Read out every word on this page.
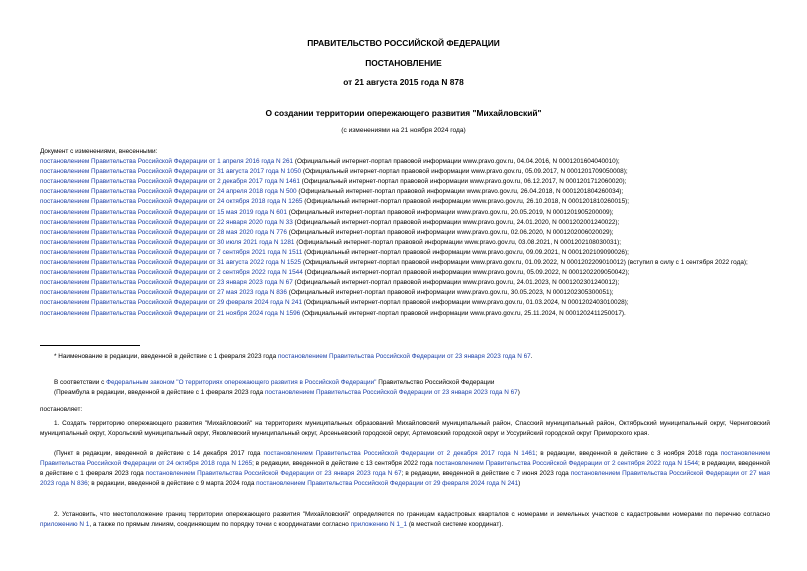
ПРАВИТЕЛЬСТВО РОССИЙСКОЙ ФЕДЕРАЦИИ
ПОСТАНОВЛЕНИЕ
от 21 августа 2015 года N 878
О создании территории опережающего развития "Михайловский"
(с изменениями на 21 ноября 2024 года)
Документ с изменениями, внесенными:
постановлением Правительства Российской Федерации от 1 апреля 2016 года N 261 (Официальный интернет-портал правовой информации www.pravo.gov.ru, 04.04.2016, N 0001201604040010);
постановлением Правительства Российской Федерации от 31 августа 2017 года N 1050 (Официальный интернет-портал правовой информации www.pravo.gov.ru, 05.09.2017, N 0001201709050008);
постановлением Правительства Российской Федерации от 2 декабря 2017 года N 1461 (Официальный интернет-портал правовой информации www.pravo.gov.ru, 06.12.2017, N 0001201712060020);
постановлением Правительства Российской Федерации от 24 апреля 2018 года N 500 (Официальный интернет-портал правовой информации www.pravo.gov.ru, 26.04.2018, N 0001201804260034);
постановлением Правительства Российской Федерации от 24 октября 2018 года N 1265 (Официальный интернет-портал правовой информации www.pravo.gov.ru, 26.10.2018, N 0001201810260015);
постановлением Правительства Российской Федерации от 15 мая 2019 года N 601 (Официальный интернет-портал правовой информации www.pravo.gov.ru, 20.05.2019, N 0001201905200009);
постановлением Правительства Российской Федерации от 22 января 2020 года N 33 (Официальный интернет-портал правовой информации www.pravo.gov.ru, 24.01.2020, N 0001202001240022);
постановлением Правительства Российской Федерации от 28 мая 2020 года N 776 (Официальный интернет-портал правовой информации www.pravo.gov.ru, 02.06.2020, N 0001202006020029);
постановлением Правительства Российской Федерации от 30 июля 2021 года N 1281 (Официальный интернет-портал правовой информации www.pravo.gov.ru, 03.08.2021, N 0001202108030031);
постановлением Правительства Российской Федерации от 7 сентября 2021 года N 1511 (Официальный интернет-портал правовой информации www.pravo.gov.ru, 09.09.2021, N 0001202109090026);
постановлением Правительства Российской Федерации от 31 августа 2022 года N 1525 (Официальный интернет-портал правовой информации www.pravo.gov.ru, 01.09.2022, N 0001202209010012) (вступил в силу с 1 сентября 2022 года);
постановлением Правительства Российской Федерации от 2 сентября 2022 года N 1544 (Официальный интернет-портал правовой информации www.pravo.gov.ru, 05.09.2022, N 0001202209050042);
постановлением Правительства Российской Федерации от 23 января 2023 года N 67 (Официальный интернет-портал правовой информации www.pravo.gov.ru, 24.01.2023, N 0001202301240012);
постановлением Правительства Российской Федерации от 27 мая 2023 года N 836 (Официальный интернет-портал правовой информации www.pravo.gov.ru, 30.05.2023, N 0001202305300051);
постановлением Правительства Российской Федерации от 29 февраля 2024 года N 241 (Официальный интернет-портал правовой информации www.pravo.gov.ru, 01.03.2024, N 0001202403010028);
постановлением Правительства Российской Федерации от 21 ноября 2024 года N 1596 (Официальный интернет-портал правовой информации www.pravo.gov.ru, 25.11.2024, N 0001202411250017).
* Наименование в редакции, введенной в действие с 1 февраля 2023 года постановлением Правительства Российской Федерации от 23 января 2023 года N 67.
В соответствии с Федеральным законом "О территориях опережающего развития в Российской Федерации" Правительство Российской Федерации
(Преамбула в редакции, введенной в действие с 1 февраля 2023 года постановлением Правительства Российской Федерации от 23 января 2023 года N 67)
постановляет:
1. Создать территорию опережающего развития "Михайловский" на территориях муниципальных образований Михайловский муниципальный район, Спасский муниципальный район, Октябрьский муниципальный округ, Черниговский муниципальный округ, Хорольский муниципальный округ, Яковлевский муниципальный округ, Арсеньевский городской округ, Артемовский городской округ и Уссурийский городской округ Приморского края.
(Пункт в редакции, введенной в действие с 14 декабря 2017 года постановлением Правительства Российской Федерации от 2 декабря 2017 года N 1461; в редакции, введенной в действие с 3 ноября 2018 года постановлением Правительства Российской Федерации от 24 октября 2018 года N 1265; в редакции, введенной в действие с 13 сентября 2022 года постановлением Правительства Российской Федерации от 2 сентября 2022 года N 1544; в редакции, введенной в действие с 1 февраля 2023 года постановлением Правительства Российской Федерации от 23 января 2023 года N 67; в редакции, введенной в действие с 7 июня 2023 года постановлением Правительства Российской Федерации от 27 мая 2023 года N 836; в редакции, введенной в действие с 9 марта 2024 года постановлением Правительства Российской Федерации от 29 февраля 2024 года N 241)
2. Установить, что местоположение границ территории опережающего развития "Михайловский" определяется по границам кадастровых кварталов с номерами и земельных участков с кадастровыми номерами по перечню согласно приложению N 1, а также по прямым линиям, соединяющим по порядку точки с координатами согласно приложению N 1_1 (в местной системе координат).
